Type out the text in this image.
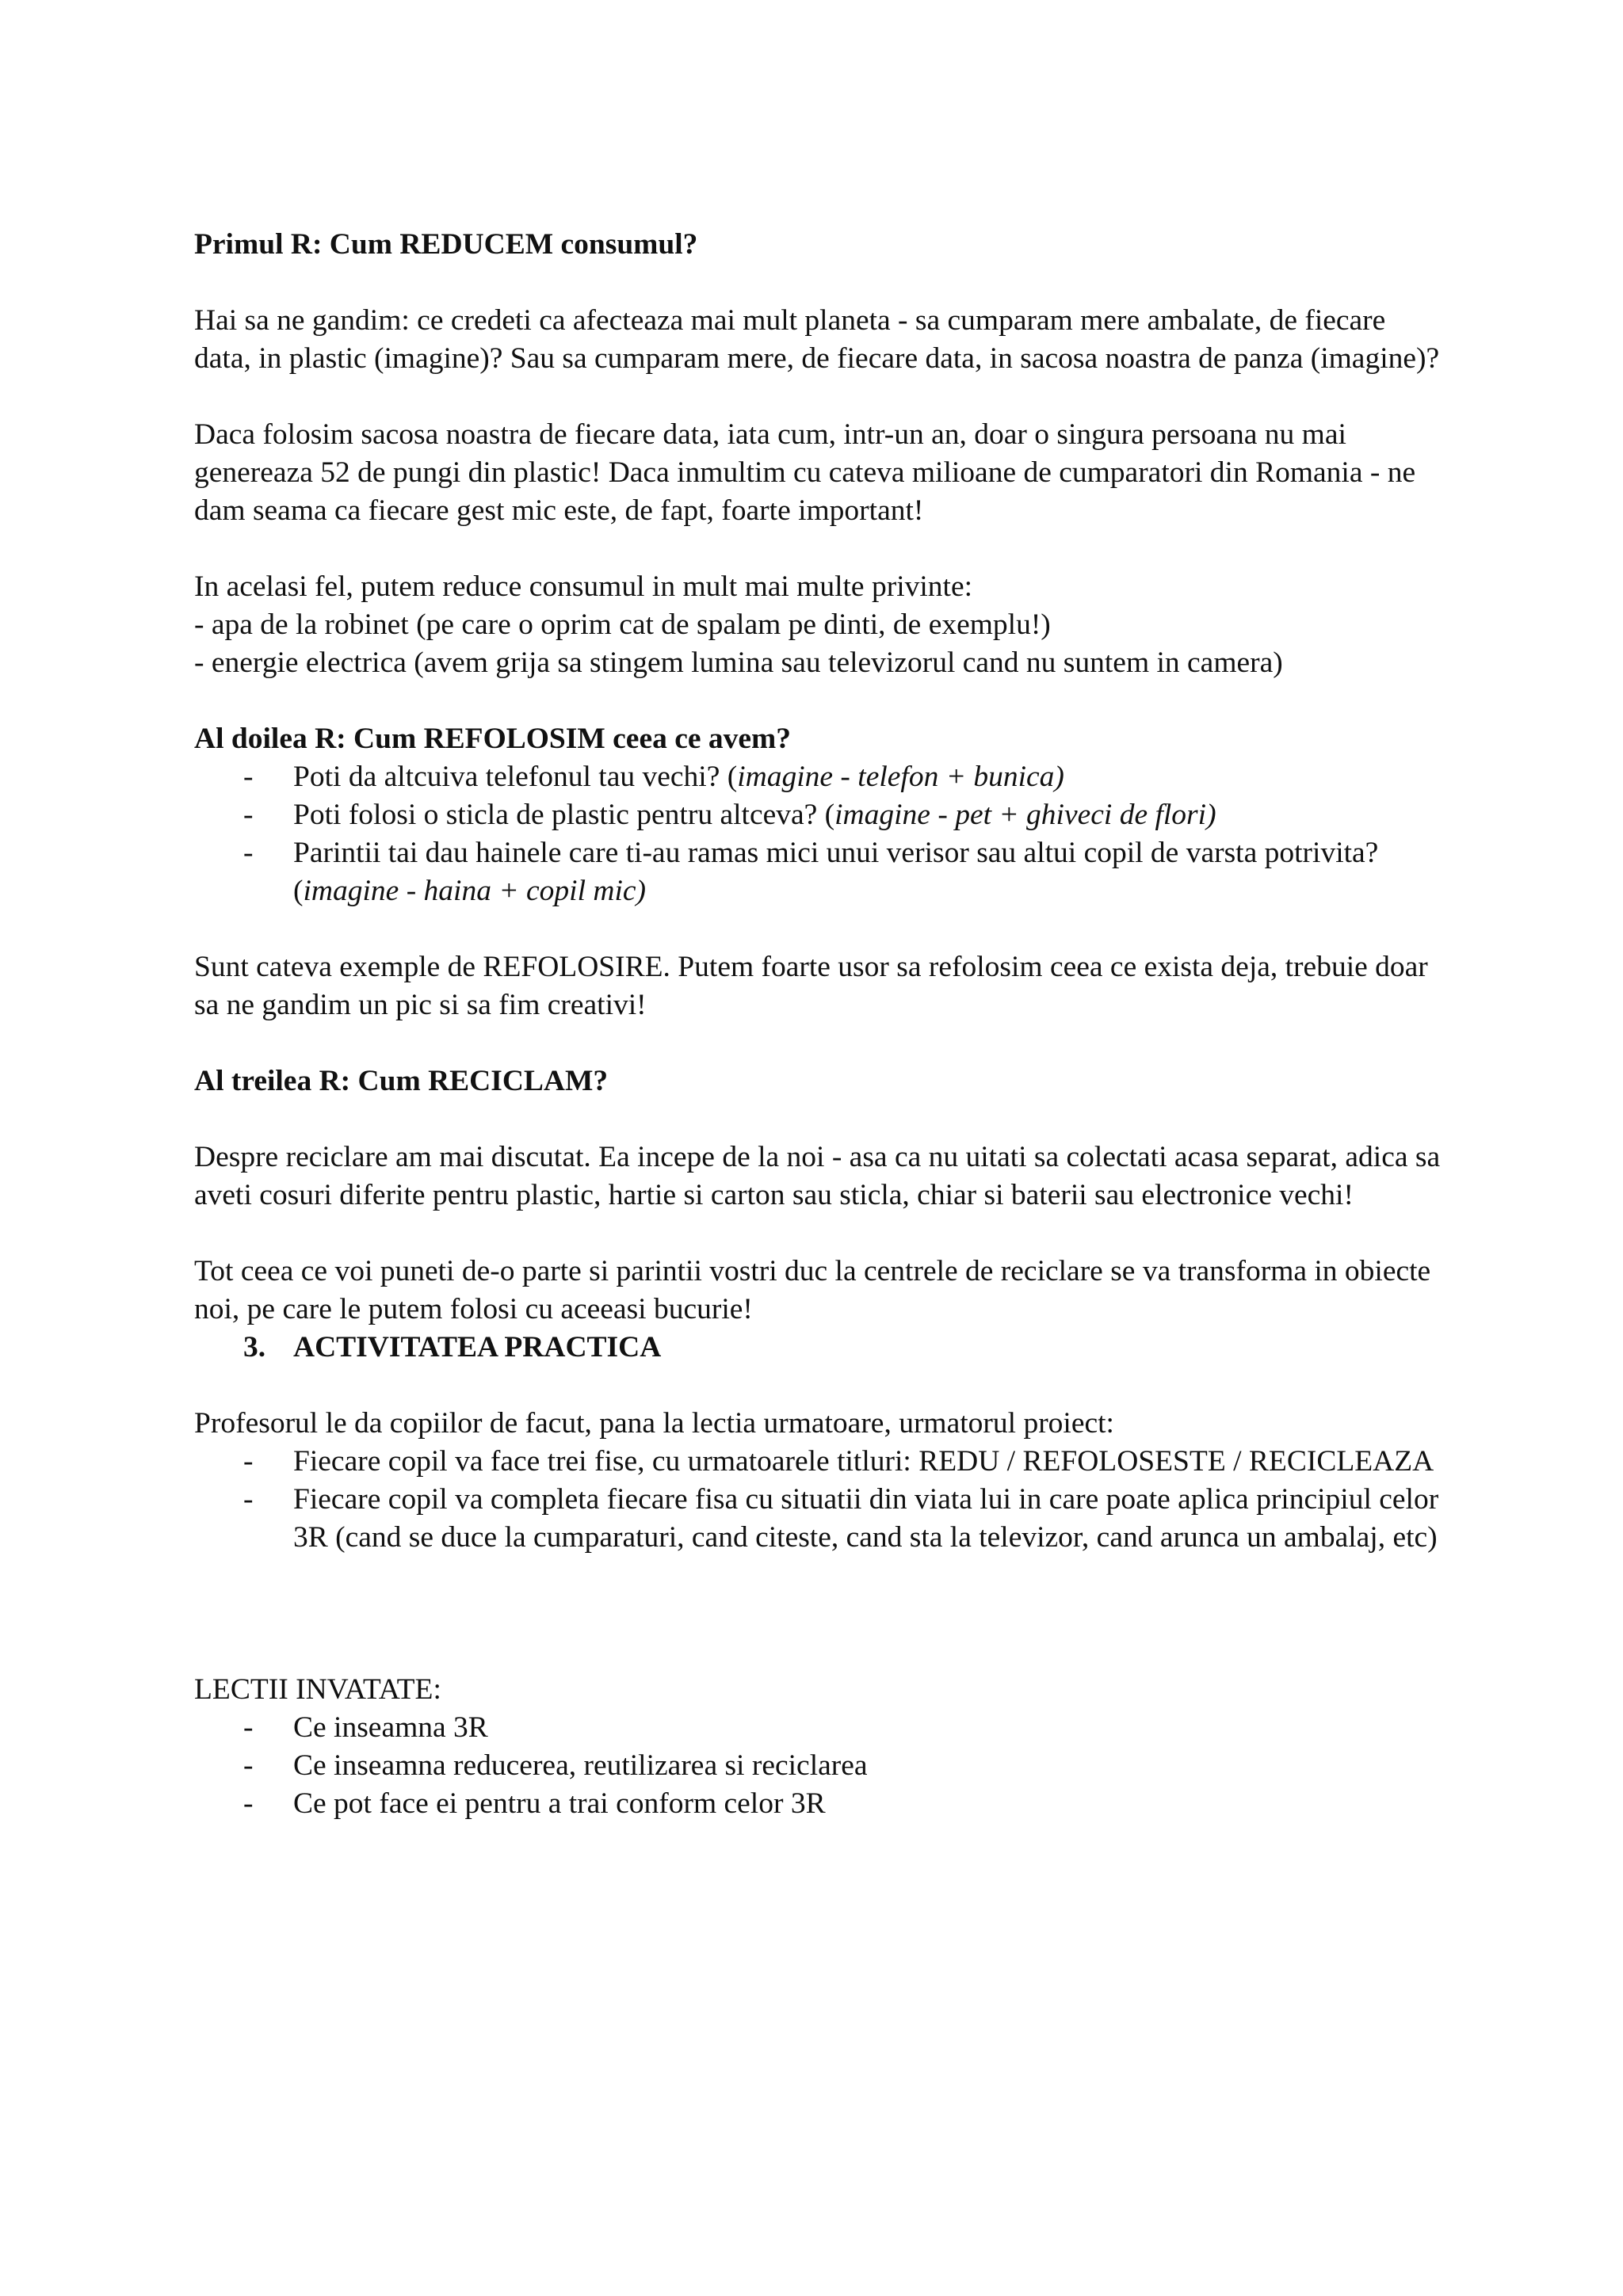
Primul R: Cum REDUCEM consumul?

Hai sa ne gandim: ce credeti ca afecteaza mai mult planeta - sa cumparam mere ambalate, de fiecare data, in plastic (imagine)? Sau sa cumparam mere, de fiecare data, in sacosa noastra de panza (imagine)?

Daca folosim sacosa noastra de fiecare data, iata cum, intr-un an, doar o singura persoana nu mai genereaza 52 de pungi din plastic! Daca inmultim cu cateva milioane de cumparatori din Romania - ne dam seama ca fiecare gest mic este, de fapt, foarte important!

In acelasi fel, putem reduce consumul in mult mai multe privinte:

- apa de la robinet (pe care o oprim cat de spalam pe dinti, de exemplu!)

- energie electrica (avem grija sa stingem lumina sau televizorul cand nu suntem in camera)

Al doilea R: Cum REFOLOSIM ceea ce avem?

- Poti da altcuiva telefonul tau vechi? (imagine - telefon + bunica)
- Poti folosi o sticla de plastic pentru altceva? (imagine - pet + ghiveci de flori)
- Parintii tai dau hainele care ti-au ramas mici unui verisor sau altui copil de varsta potrivita? (imagine - haina + copil mic)

Sunt cateva exemple de REFOLOSIRE. Putem foarte usor sa refolosim ceea ce exista deja, trebuie doar sa ne gandim un pic si sa fim creativi!

Al treilea R: Cum RECICLAM?

Despre reciclare am mai discutat. Ea incepe de la noi - asa ca nu uitati sa colectati acasa separat, adica sa aveti cosuri diferite pentru plastic, hartie si carton sau sticla, chiar si baterii sau electronice vechi!

Tot ceea ce voi puneti de-o parte si parintii vostri duc la centrele de reciclare se va transforma in obiecte noi, pe care le putem folosi cu aceeasi bucurie!

3. ACTIVITATEA PRACTICA

Profesorul le da copiilor de facut, pana la lectia urmatoare, urmatorul proiect:

- Fiecare copil va face trei fise, cu urmatoarele titluri: REDU / REFOLOSESTE / RECICLEAZA
- Fiecare copil va completa fiecare fisa cu situatii din viata lui in care poate aplica principiul celor 3R (cand se duce la cumparaturi, cand citeste, cand sta la televizor, cand arunca un ambalaj, etc)

LECTII INVATATE:

- Ce inseamna 3R
- Ce inseamna reducerea, reutilizarea si reciclarea
- Ce pot face ei pentru a trai conform celor 3R
